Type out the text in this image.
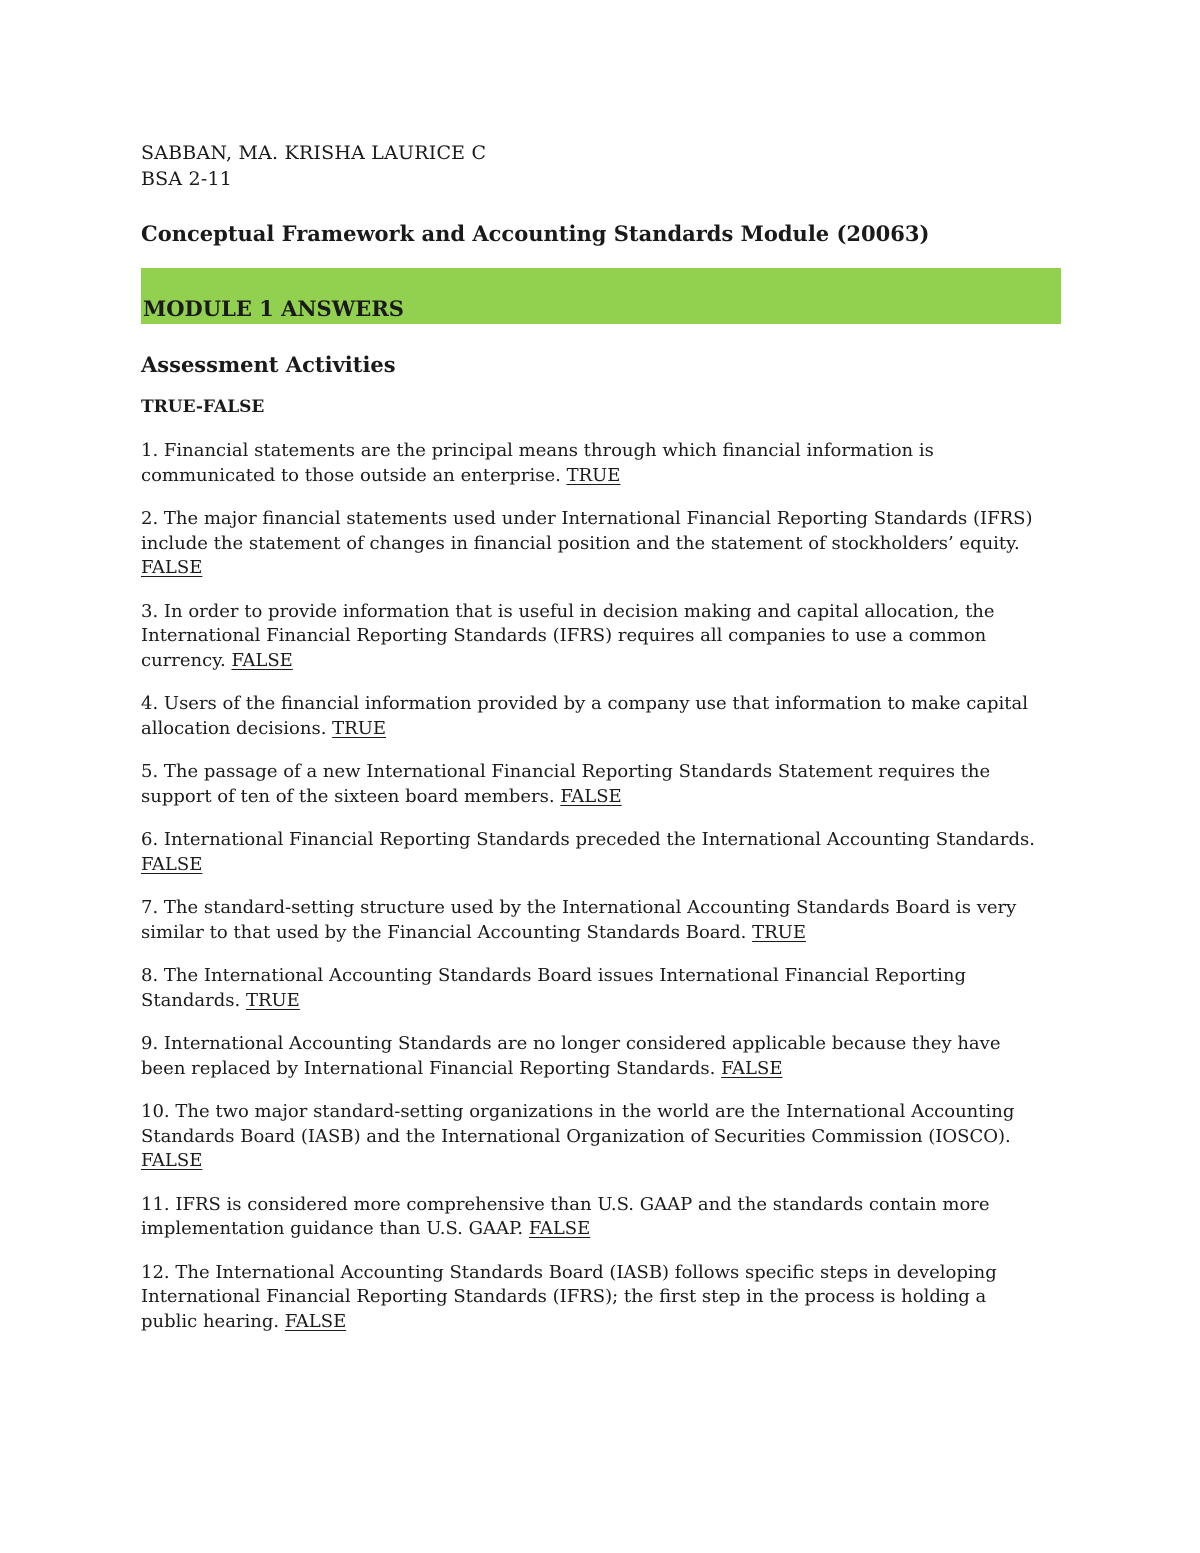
SABBAN, MA. KRISHA LAURICE C

BSA 2-11

Conceptual Framework and Accounting Standards Module (20063)
MODULE 1 ANSWERS
Assessment Activities
TRUE-FALSE
1. Financial statements are the principal means through which financial information is communicated to those outside an enterprise. TRUE
2. The major financial statements used under International Financial Reporting Standards (IFRS) include the statement of changes in financial position and the statement of stockholders’ equity. FALSE
3. In order to provide information that is useful in decision making and capital allocation, the International Financial Reporting Standards (IFRS) requires all companies to use a common currency. FALSE
4. Users of the financial information provided by a company use that information to make capital allocation decisions. TRUE
5. The passage of a new International Financial Reporting Standards Statement requires the support of ten of the sixteen board members. FALSE
6. International Financial Reporting Standards preceded the International Accounting Standards. FALSE
7. The standard-setting structure used by the International Accounting Standards Board is very similar to that used by the Financial Accounting Standards Board. TRUE
8. The International Accounting Standards Board issues International Financial Reporting Standards. TRUE
9. International Accounting Standards are no longer considered applicable because they have been replaced by International Financial Reporting Standards. FALSE
10. The two major standard-setting organizations in the world are the International Accounting Standards Board (IASB) and the International Organization of Securities Commission (IOSCO). FALSE
11. IFRS is considered more comprehensive than U.S. GAAP and the standards contain more implementation guidance than U.S. GAAP. FALSE
12. The International Accounting Standards Board (IASB) follows specific steps in developing International Financial Reporting Standards (IFRS); the first step in the process is holding a public hearing. FALSE
